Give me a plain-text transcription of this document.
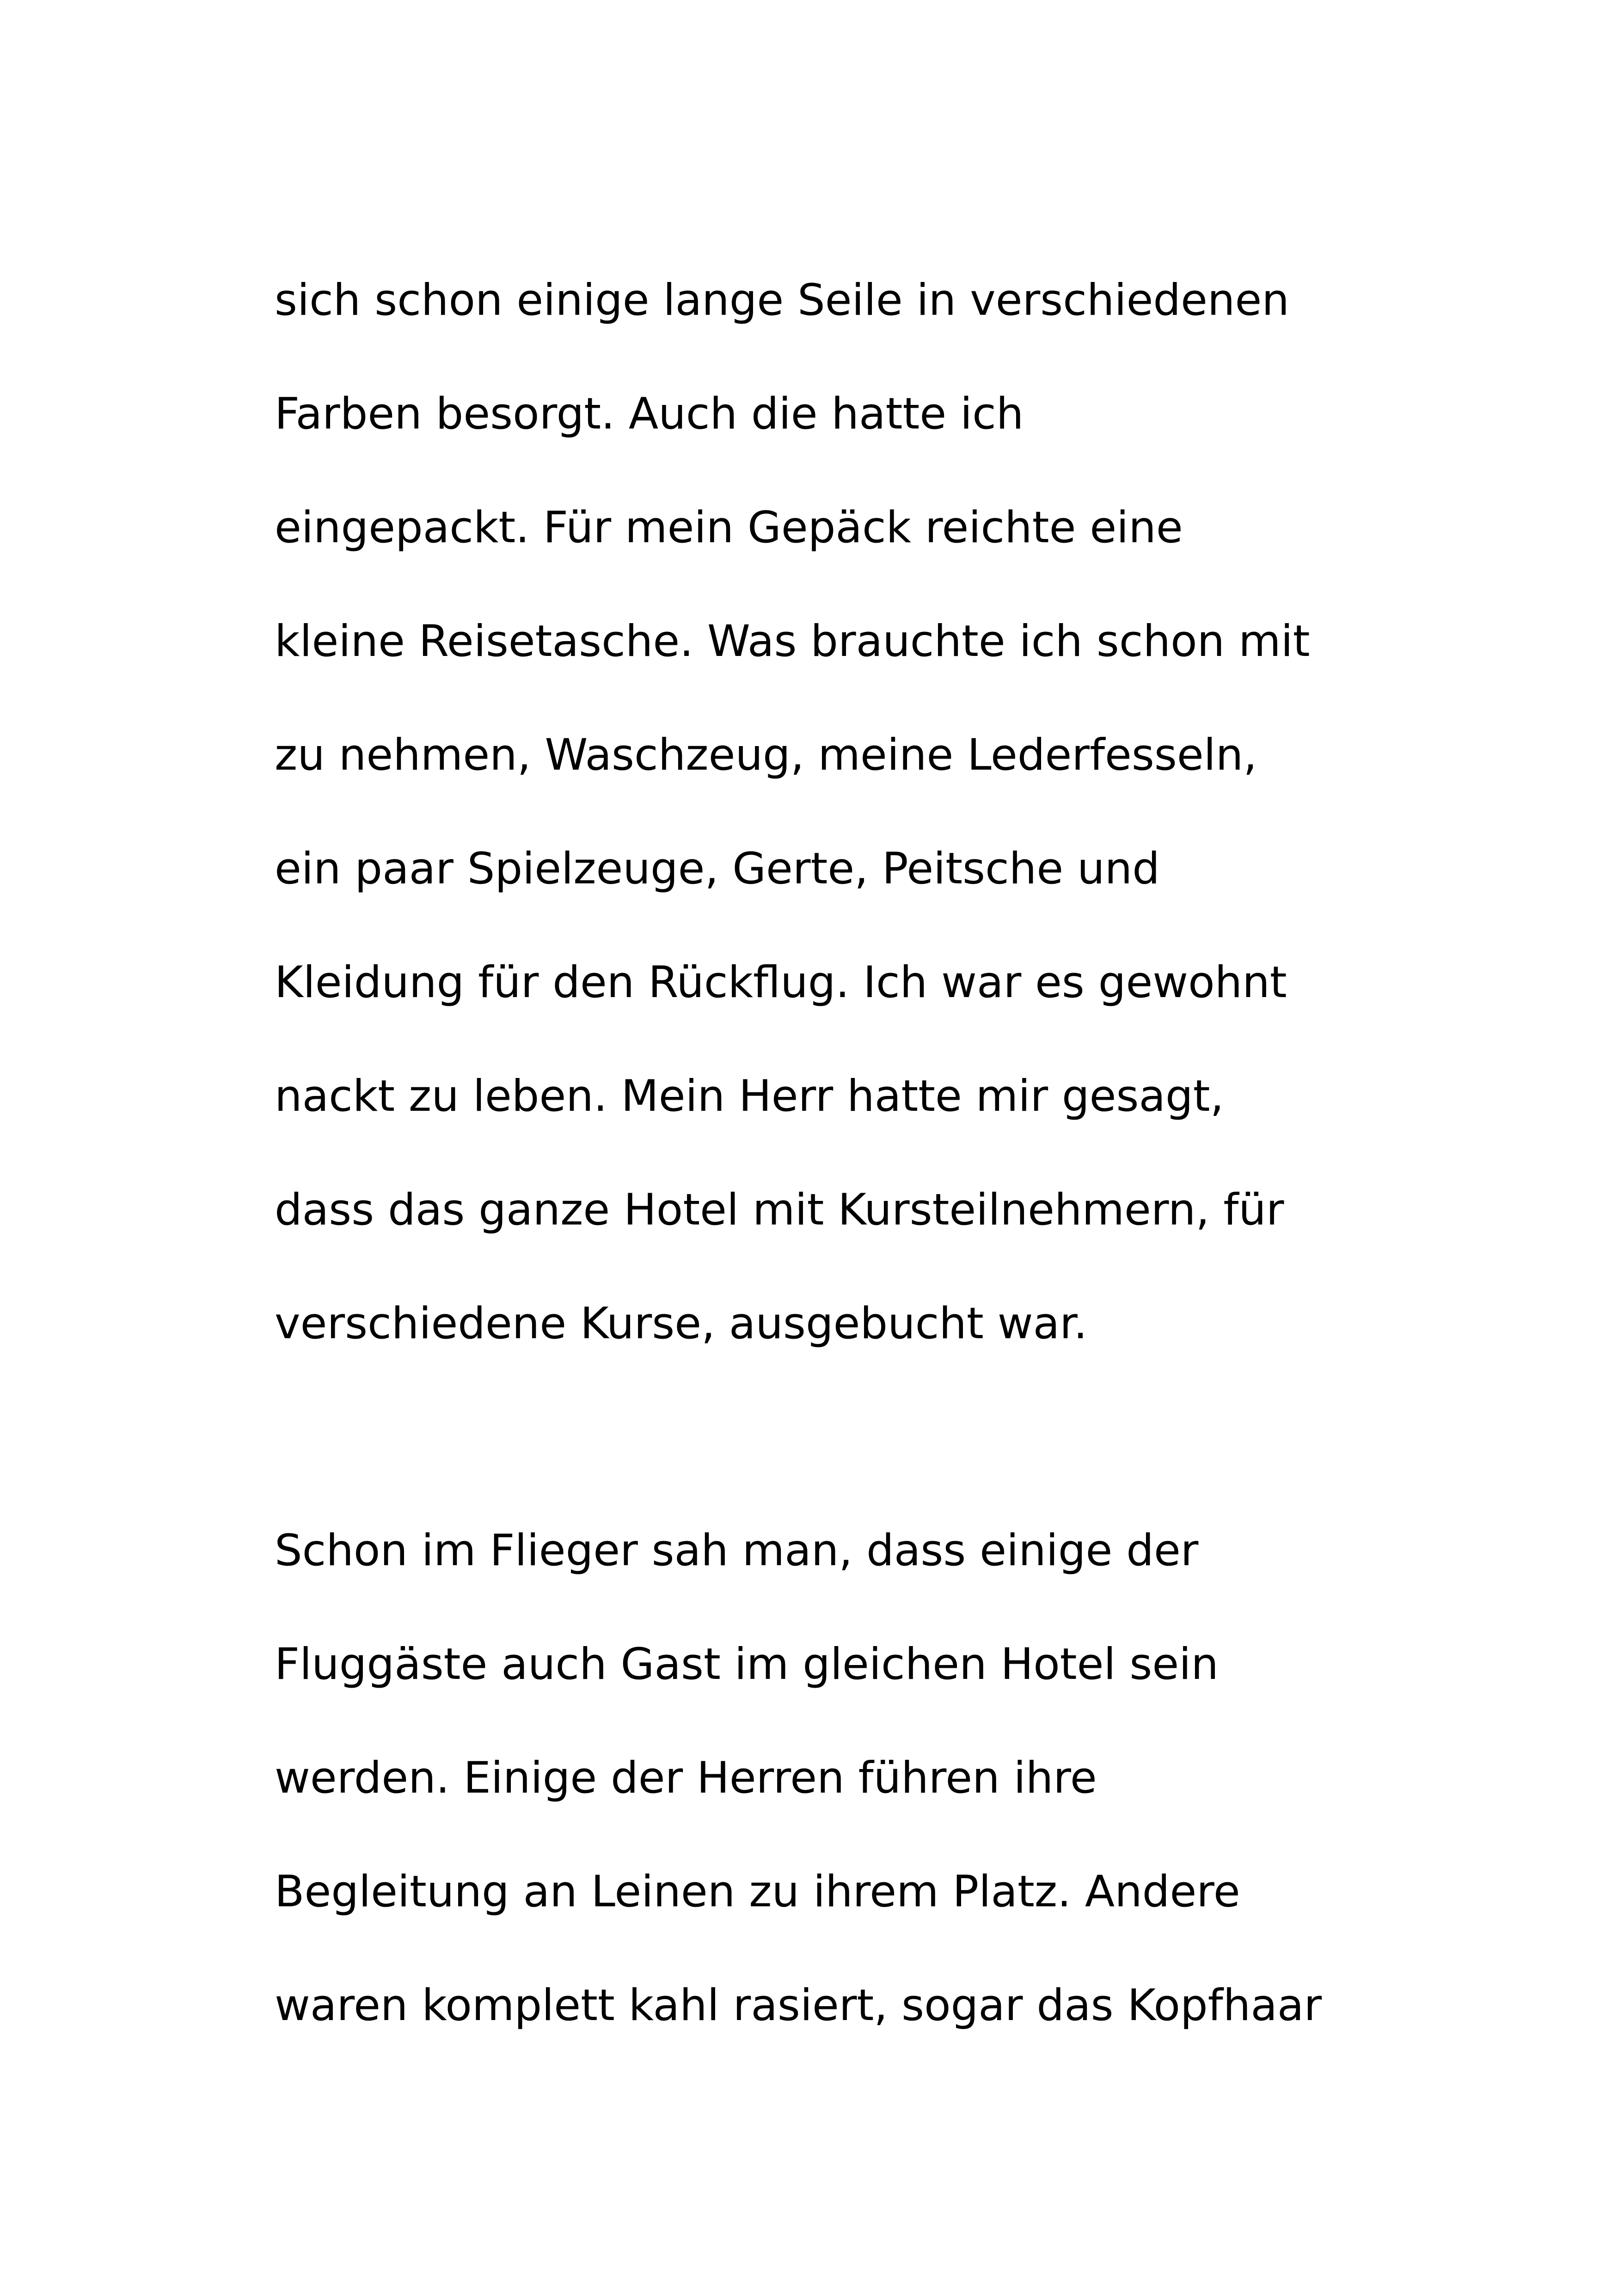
sich schon einige lange Seile in verschiedenen
Farben besorgt. Auch die hatte ich
eingepackt. Für mein Gepäck reichte eine
kleine Reisetasche. Was brauchte ich schon mit
zu nehmen, Waschzeug, meine Lederfesseln,
ein paar Spielzeuge, Gerte, Peitsche und
Kleidung für den Rückflug. Ich war es gewohnt
nackt zu leben. Mein Herr hatte mir gesagt,
dass das ganze Hotel mit Kursteilnehmern, für
verschiedene Kurse, ausgebucht war.
Schon im Flieger sah man, dass einige der
Fluggäste auch Gast im gleichen Hotel sein
werden. Einige der Herren führen ihre
Begleitung an Leinen zu ihrem Platz. Andere
waren komplett kahl rasiert, sogar das Kopfhaar
